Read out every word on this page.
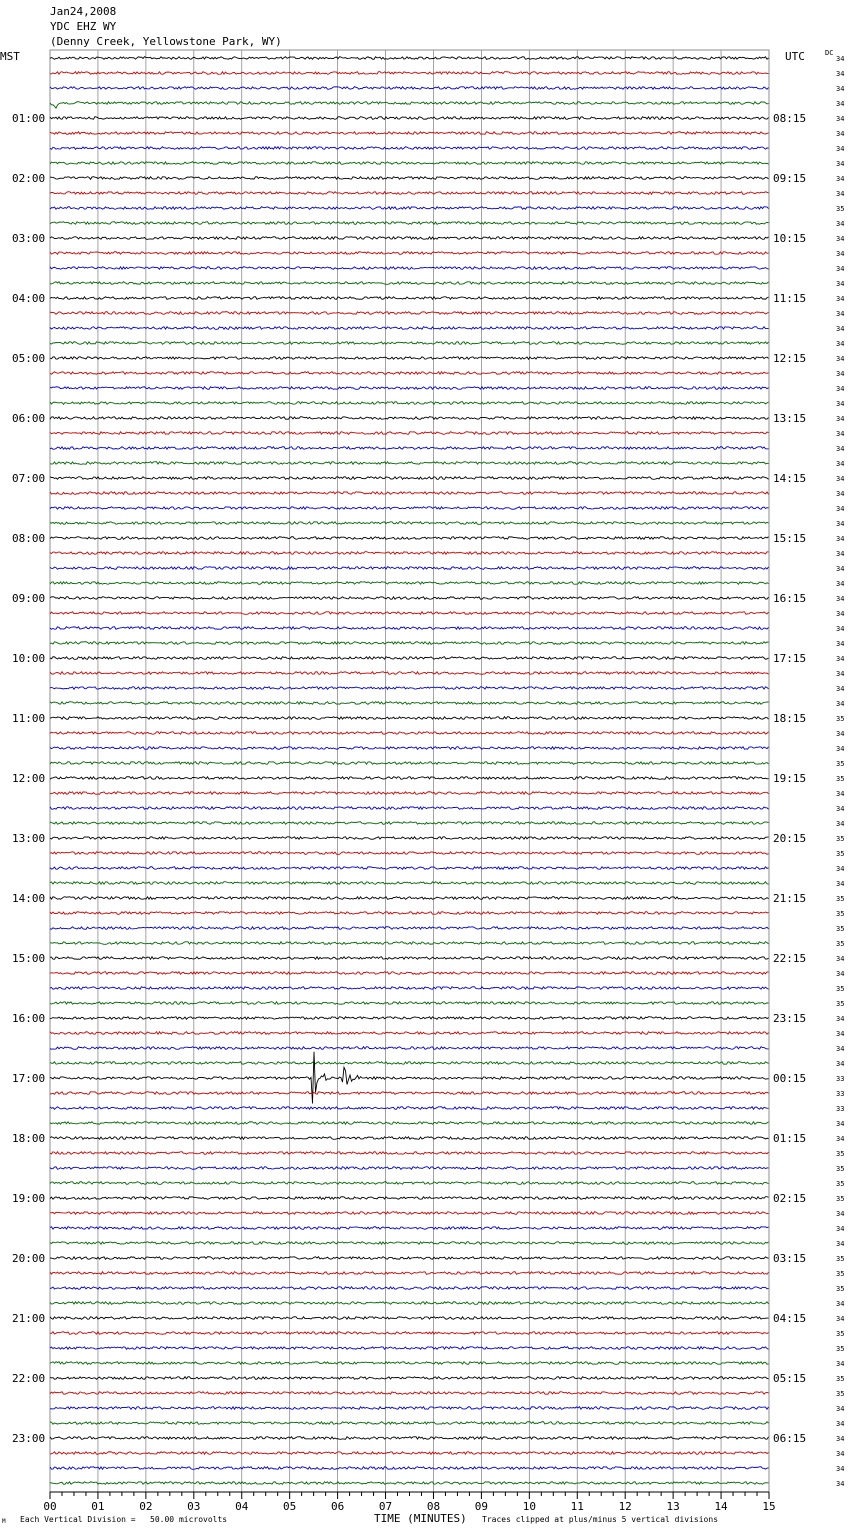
Jan24,2008
YDC EHZ WY
(Denny Creek, Yellowstone Park, WY)
MST	UTC	DC
34
34
34
34
34
34
34
34
34
34
35
34
34
34
34
34
34
34
34
34
34
34
34
34
34
34
34
34
34
34
34
34
34
34
34
34
34
34
34
34
34
34
34
34
35
34
34
35
35
34
34
34
35
35
34
34
35
35
35
35
34
34
35
35
34
34
34
34
33
33
33
34
34
35
35
35
35
34
34
34
35
35
35
34
34
35
35
34
35
35
34
34
34
34
34
34
01:00
02:00
03:00
04:00
05:00
06:00
07:00
08:00
09:00
10:00
11:00
12:00
13:00
14:00
15:00
16:00
17:00
18:00
19:00
20:00
21:00
22:00
23:00
08:15
09:15
10:15
11:15
12:15
13:15
14:15
15:15
16:15
17:15
18:15
19:15
20:15
21:15
22:15
23:15
00:15
01:15
02:15
03:15
04:15
05:15
06:15
00	01	02	03	04	05	06	07	08	09	10	11	12	13	14	15
M Each Vertical Division =   50.00 microvolts	TIME (MINUTES) Traces clipped at plus/minus 5 vertical divisions
